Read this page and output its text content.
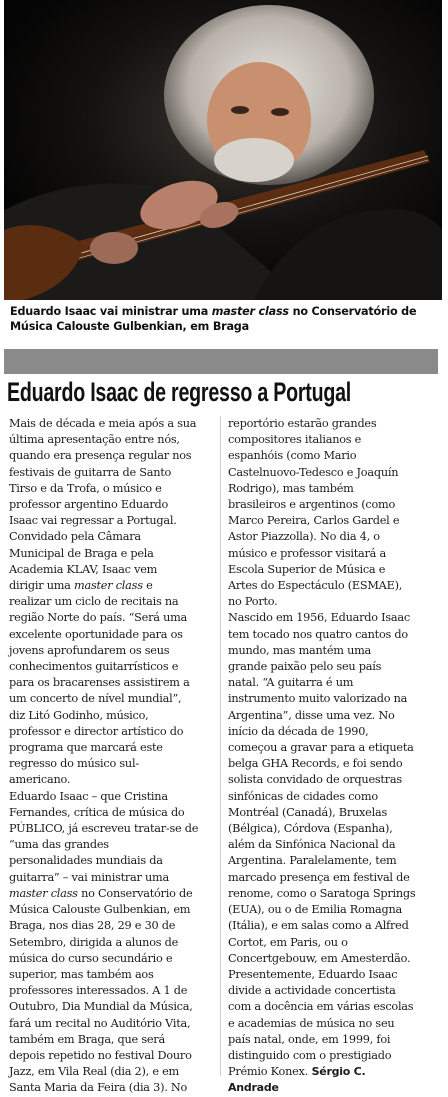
Eduardo Isaac vai ministrar uma master class no Conservatório de Música Calouste Gulbenkian, em Braga
Eduardo Isaac de regresso a Portugal
Mais de década e meia após a sua
última apresentação entre nós,
quando era presença regular nos
festivais de guitarra de Santo
Tirso e da Trofa, o músico e
professor argentino Eduardo
Isaac vai regressar a Portugal.
Convidado pela Câmara
Municipal de Braga e pela
Academia KLAV, Isaac vem
dirigir uma master class e
realizar um ciclo de recitais na
região Norte do país. “Será uma
excelente oportunidade para os
jovens aprofundarem os seus
conhecimentos guitarrísticos e
para os bracarenses assistirem a
um concerto de nível mundial”,
diz Litó Godinho, músico,
professor e director artístico do
programa que marcará este
regresso do músico sul-
americano.
Eduardo Isaac – que Cristina
Fernandes, crítica de música do
PÚBLICO, já escreveu tratar-se de
“uma das grandes
personalidades mundiais da
guitarra” – vai ministrar uma
master class no Conservatório de
Música Calouste Gulbenkian, em
Braga, nos dias 28, 29 e 30 de
Setembro, dirigida a alunos de
música do curso secundário e
superior, mas também aos
professores interessados. A 1 de
Outubro, Dia Mundial da Música,
fará um recital no Auditório Vita,
também em Braga, que será
depois repetido no festival Douro
Jazz, em Vila Real (dia 2), e em
Santa Maria da Feira (dia 3). No
reportório estarão grandes
compositores italianos e
espanhóis (como Mario
Castelnuovo-Tedesco e Joaquín
Rodrigo), mas também
brasileiros e argentinos (como
Marco Pereira, Carlos Gardel e
Astor Piazzolla). No dia 4, o
músico e professor visitará a
Escola Superior de Música e
Artes do Espectáculo (ESMAE),
no Porto.
Nascido em 1956, Eduardo Isaac
tem tocado nos quatro cantos do
mundo, mas mantém uma
grande paixão pelo seu país
natal. “A guitarra é um
instrumento muito valorizado na
Argentina”, disse uma vez. No
início da década de 1990,
começou a gravar para a etiqueta
belga GHA Records, e foi sendo
solista convidado de orquestras
sinfónicas de cidades como
Montréal (Canadá), Bruxelas
(Bélgica), Córdova (Espanha),
além da Sinfónica Nacional da
Argentina. Paralelamente, tem
marcado presença em festival de
renome, como o Saratoga Springs
(EUA), ou o de Emilia Romagna
(Itália), e em salas como a Alfred
Cortot, em Paris, ou o
Concertgebouw, em Amesterdão.
Presentemente, Eduardo Isaac
divide a actividade concertista
com a docência em várias escolas
e academias de música no seu
país natal, onde, em 1999, foi
distinguido com o prestigiado
Prémio Konex. Sérgio C.
Andrade
